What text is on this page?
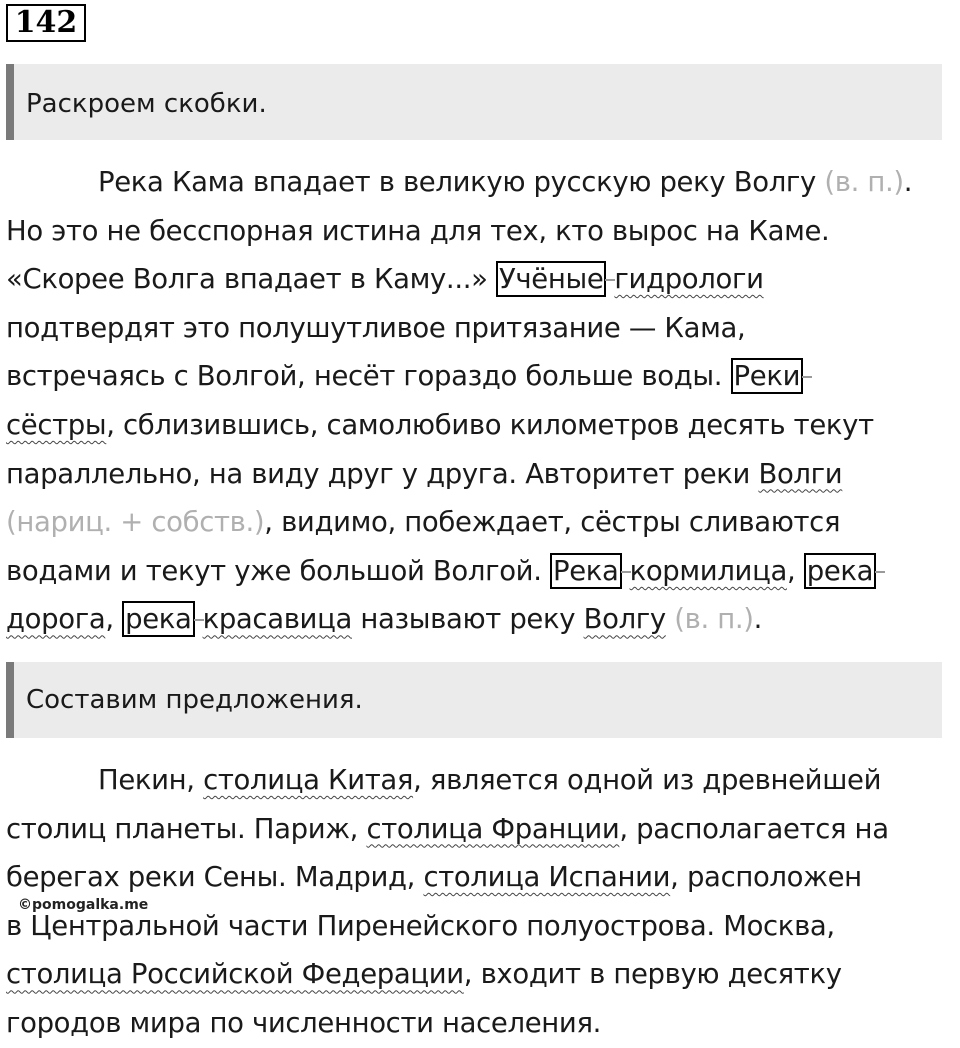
142
Раскроем скобки.
Река Кама впадает в великую русскую реку Волгу (в. п.).
Но это не бесспорная истина для тех, кто вырос на Каме.
«Скорее Волга впадает в Каму...» Учёные гидрологи
подтвердят это полушутливое притязание — Кама,
встречаясь с Волгой, несёт гораздо больше воды. Реки
сёстры, сблизившись, самолюбиво километров десять текут
параллельно, на виду друг у друга. Авторитет реки Волги
(нариц. + собств.), видимо, побеждает, сёстры сливаются
водами и текут уже большой Волгой. Река кормилица, река
дорога, река красавица называют реку Волгу (в. п.).
Составим предложения.
Пекин, столица Китая, является одной из древнейшей
столиц планеты. Париж, столица Франции, располагается на
берегах реки Сены. Мадрид, столица Испании, расположен
в Центральной части Пиренейского полуострова. Москва,
столица Российской Федерации, входит в первую десятку
городов мира по численности населения.
©pomogalka.me
